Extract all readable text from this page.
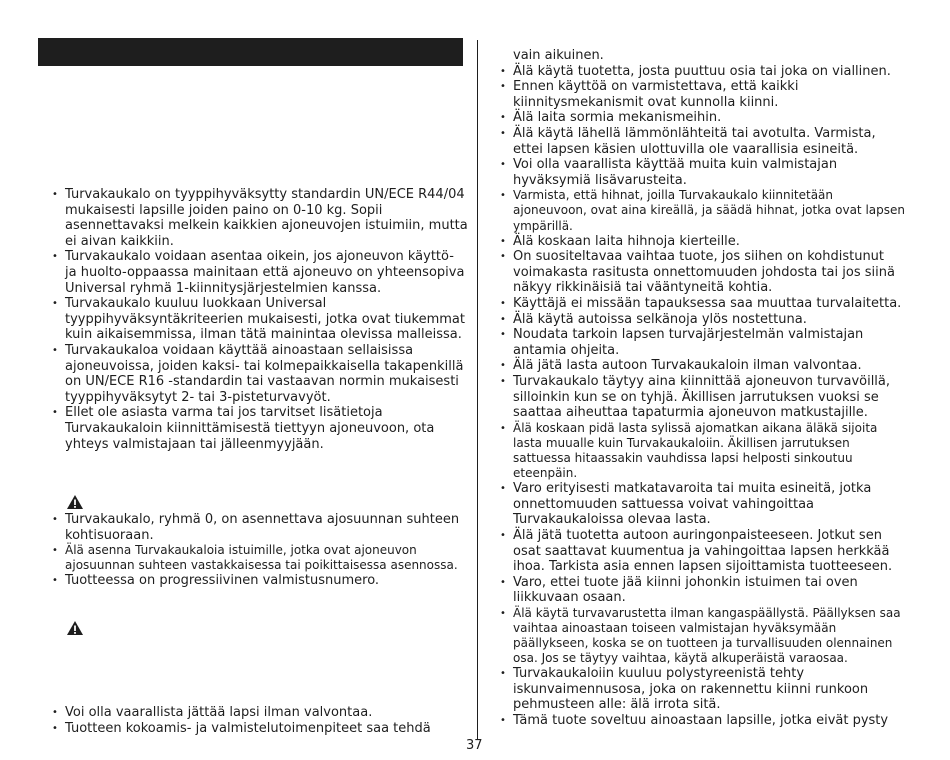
• Turvakaukalo on tyyppihyväksytty standardin UN/ECE R44/04 mukaisesti lapsille joiden paino on 0-10 kg. Sopii asennettavaksi melkein kaikkien ajoneuvojen istuimiin, mutta ei aivan kaikkiin.
• Turvakaukalo voidaan asentaa oikein, jos ajoneuvon käyttö- ja huolto-oppaassa mainitaan että ajoneuvo on yhteensopiva Universal ryhmä 1-kiinnitysjärjestelmien kanssa.
• Turvakaukalo kuuluu luokkaan Universal tyyppihyväksyntäkriteerien mukaisesti, jotka ovat tiukemmat kuin aikaisemmissa, ilman tätä mainintaa olevissa malleissa.
• Turvakaukaloa voidaan käyttää ainoastaan sellaisissa ajoneuvoissa, joiden kaksi- tai kolmepaikkaisella takapenkillä on UN/ECE R16 -standardin tai vastaavan normin mukaisesti tyyppihyväksytyt 2- tai 3-pisteturvavyöt.
• Ellet ole asiasta varma tai jos tarvitset lisätietoja Turvakaukaloin kiinnittämisestä tiettyyn ajoneuvoon, ota yhteys valmistajaan tai jälleenmyyjään.
• Turvakaukalo, ryhmä 0, on asennettava ajosuunnan suhteen kohtisuoraan.
• Älä asenna Turvakaukaloia istuimille, jotka ovat ajoneuvon ajosuunnan suhteen vastakkaisessa tai poikittaisessa asennossa.
• Tuotteessa on progressiivinen valmistusnumero.
• Voi olla vaarallista jättää lapsi ilman valvontaa.
• Tuotteen kokoamis- ja valmistelutoimenpiteet saa tehdä
vain aikuinen.
• Älä käytä tuotetta, josta puuttuu osia tai joka on viallinen.
• Ennen käyttöä on varmistettava, että kaikki kiinnitysmekanismit ovat kunnolla kiinni.
• Älä laita sormia mekanismeihin.
• Älä käytä lähellä lämmönlähteitä tai avotulta. Varmista, ettei lapsen käsien ulottuvilla ole vaarallisia esineitä.
• Voi olla vaarallista käyttää muita kuin valmistajan hyväksymiä lisävarusteita.
• Varmista, että hihnat, joilla Turvakaukalo kiinnitetään ajoneuvoon, ovat aina kireällä, ja säädä hihnat, jotka ovat lapsen ympärillä.
• Älä koskaan laita hihnoja kierteille.
• On suositeltavaa vaihtaa tuote, jos siihen on kohdistunut voimakasta rasitusta onnettomuuden johdosta tai jos siinä näkyy rikkinäisiä tai vääntyneitä kohtia.
• Käyttäjä ei missään tapauksessa saa muuttaa turvalaitetta.
• Älä käytä autoissa selkänoja ylös nostettuna.
• Noudata tarkoin lapsen turvajärjestelmän valmistajan antamia ohjeita.
• Älä jätä lasta autoon Turvakaukaloin ilman valvontaa.
• Turvakaukalo täytyy aina kiinnittää ajoneuvon turvavöillä, silloinkin kun se on tyhjä. Äkillisen jarrutuksen vuoksi se saattaa aiheuttaa tapaturmia ajoneuvon matkustajille.
• Älä koskaan pidä lasta sylissä ajomatkan aikana äläkä sijoita lasta muualle kuin Turvakaukaloiin. Äkillisen jarrutuksen sattuessa hitaassakin vauhdissa lapsi helposti sinkoutuu eteenpäin.
• Varo erityisesti matkatavaroita tai muita esineitä, jotka onnettomuuden sattuessa voivat vahingoittaa Turvakaukaloissa olevaa lasta.
• Älä jätä tuotetta autoon auringonpaisteeseen. Jotkut sen osat saattavat kuumentua ja vahingoittaa lapsen herkkää ihoa. Tarkista asia ennen lapsen sijoittamista tuotteeseen.
• Varo, ettei tuote jää kiinni johonkin istuimen tai oven liikkuvaan osaan.
• Älä käytä turvavarustetta ilman kangaspäällystä. Päällyksen saa vaihtaa ainoastaan toiseen valmistajan hyväksymään päällykseen, koska se on tuotteen ja turvallisuuden olennainen osa. Jos se täytyy vaihtaa, käytä alkuperäistä varaosaa.
• Turvakaukaloiin kuuluu polystyreenistä tehty iskunvaimennusosa, joka on rakennettu kiinni runkoon pehmusteen alle: älä irrota sitä.
• Tämä tuote soveltuu ainoastaan lapsille, jotka eivät pysty
37
